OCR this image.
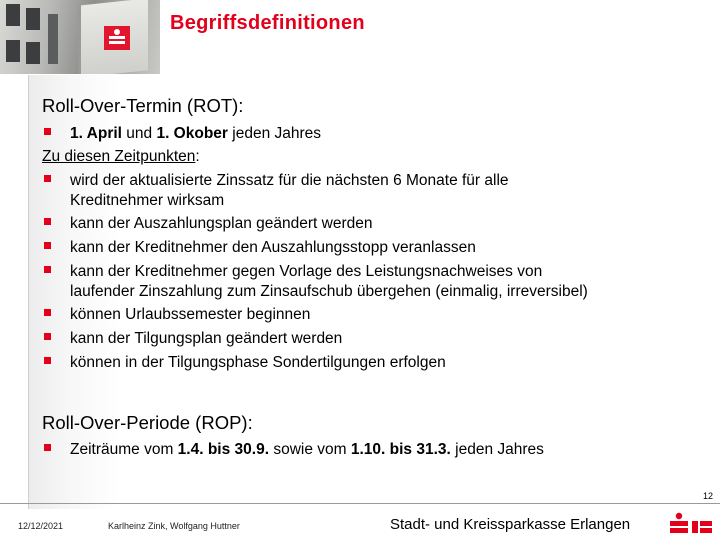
Begriffsdefinitionen
Roll-Over-Termin (ROT):
1. April und 1. Okober jeden Jahres
Zu diesen Zeitpunkten:
wird der aktualisierte Zinssatz für die nächsten 6 Monate für alle
Kreditnehmer wirksam
kann der Auszahlungsplan geändert werden
kann der Kreditnehmer den Auszahlungsstopp veranlassen
kann der Kreditnehmer gegen Vorlage des Leistungsnachweises von
laufender Zinszahlung zum Zinsaufschub übergehen (einmalig, irreversibel)
können Urlaubssemester beginnen
kann der Tilgungsplan geändert werden
können in der Tilgungsphase Sondertilgungen erfolgen
Roll-Over-Periode (ROP):
Zeiträume vom 1.4. bis 30.9. sowie vom 1.10. bis 31.3. jeden Jahres
12
12/12/2021	Karlheinz Zink, Wolfgang Huttner	Stadt- und Kreissparkasse Erlangen
